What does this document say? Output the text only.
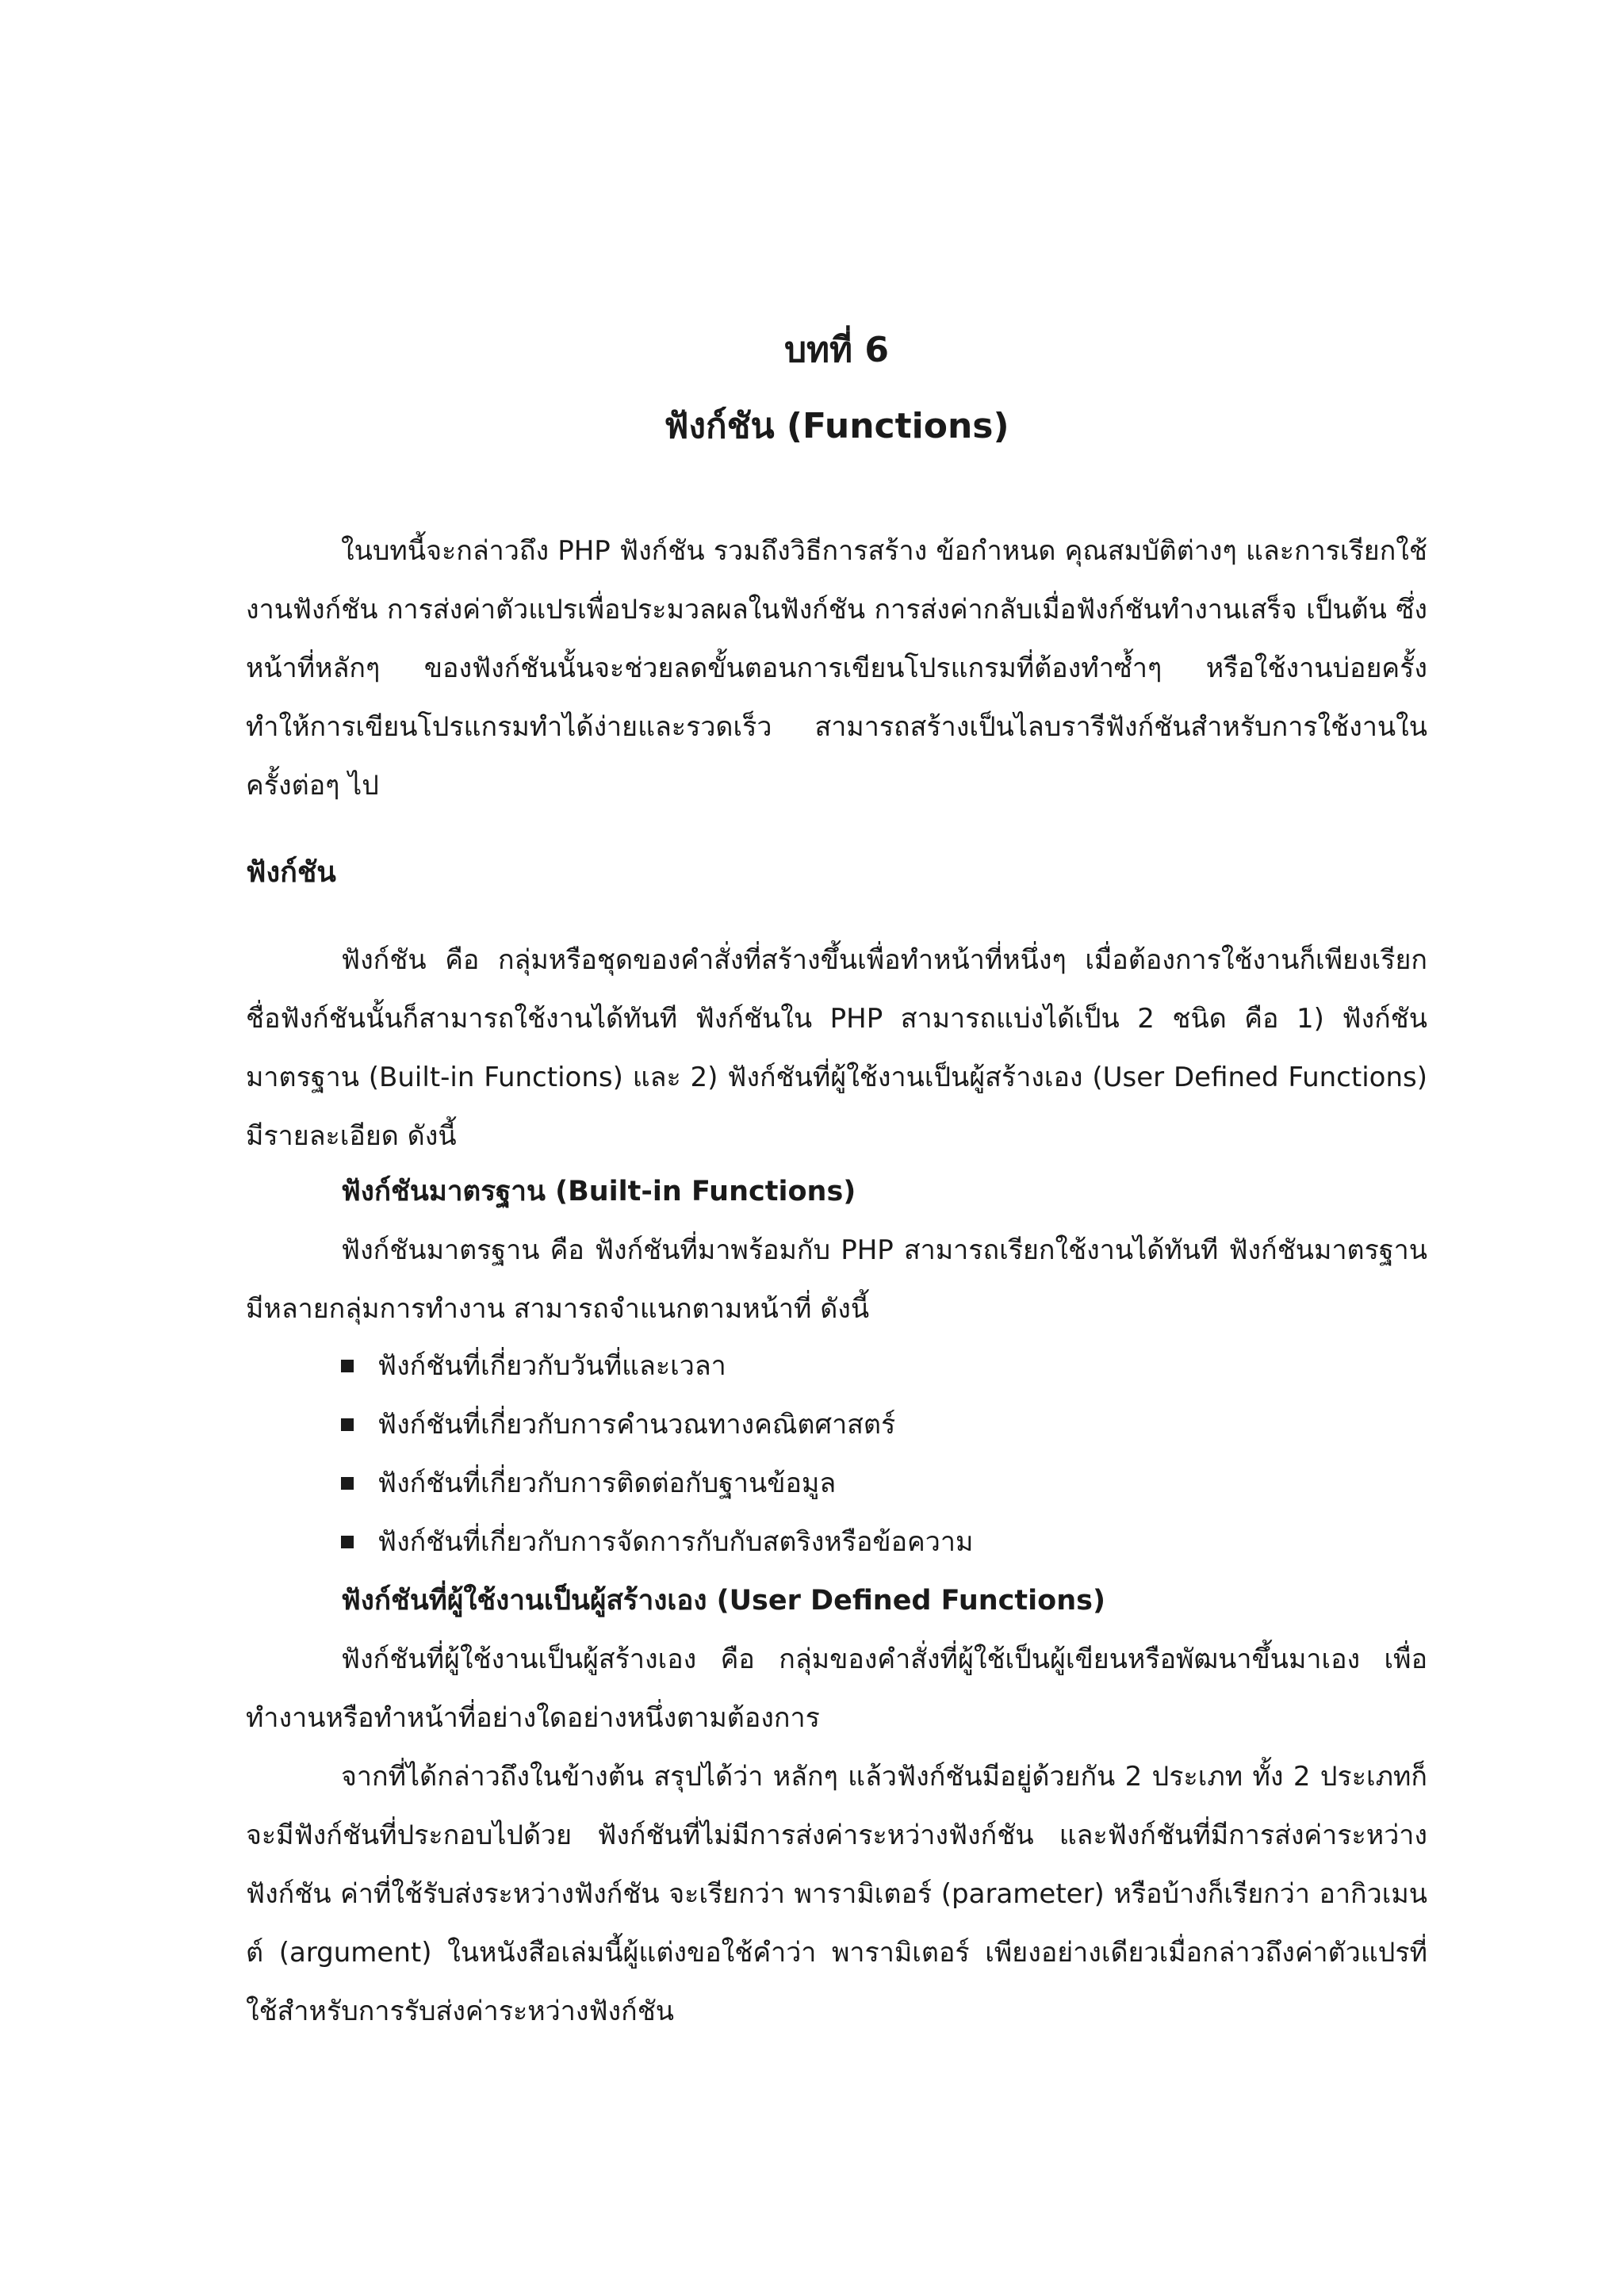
บทที่ 6
ฟังก์ชัน (Functions)

ในบทนี้จะกล่าวถึง PHP ฟังก์ชัน รวมถึงวิธีการสร้าง ข้อกำหนด คุณสมบัติต่างๆ และการเรียกใช้งานฟังก์ชัน การส่งค่าตัวแปรเพื่อประมวลผลในฟังก์ชัน การส่งค่ากลับเมื่อฟังก์ชันทำงานเสร็จ เป็นต้น ซึ่งหน้าที่หลักๆ ของฟังก์ชันนั้นจะช่วยลดขั้นตอนการเขียนโปรแกรมที่ต้องทำซ้ำๆ หรือใช้งานบ่อยครั้ง ทำให้การเขียนโปรแกรมทำได้ง่ายและรวดเร็ว สามารถสร้างเป็นไลบรารีฟังก์ชันสำหรับการใช้งานในครั้งต่อๆ ไป

ฟังก์ชัน

ฟังก์ชัน คือ กลุ่มหรือชุดของคำสั่งที่สร้างขึ้นเพื่อทำหน้าที่หนึ่งๆ เมื่อต้องการใช้งานก็เพียงเรียกชื่อฟังก์ชันนั้นก็สามารถใช้งานได้ทันที ฟังก์ชันใน PHP สามารถแบ่งได้เป็น 2 ชนิด คือ 1) ฟังก์ชันมาตรฐาน (Built-in Functions) และ 2) ฟังก์ชันที่ผู้ใช้งานเป็นผู้สร้างเอง (User Defined Functions) มีรายละเอียด ดังนี้

ฟังก์ชันมาตรฐาน (Built-in Functions)

ฟังก์ชันมาตรฐาน คือ ฟังก์ชันที่มาพร้อมกับ PHP สามารถเรียกใช้งานได้ทันที ฟังก์ชันมาตรฐานมีหลายกลุ่มการทำงาน สามารถจำแนกตามหน้าที่ ดังนี้

ฟังก์ชันที่เกี่ยวกับวันที่และเวลา
ฟังก์ชันที่เกี่ยวกับการคำนวณทางคณิตศาสตร์
ฟังก์ชันที่เกี่ยวกับการติดต่อกับฐานข้อมูล
ฟังก์ชันที่เกี่ยวกับการจัดการกับกับสตริงหรือข้อความ
ฟังก์ชันที่ผู้ใช้งานเป็นผู้สร้างเอง (User Defined Functions)

ฟังก์ชันที่ผู้ใช้งานเป็นผู้สร้างเอง คือ กลุ่มของคำสั่งที่ผู้ใช้เป็นผู้เขียนหรือพัฒนาขึ้นมาเอง เพื่อทำงานหรือทำหน้าที่อย่างใดอย่างหนึ่งตามต้องการ

จากที่ได้กล่าวถึงในข้างต้น สรุปได้ว่า หลักๆ แล้วฟังก์ชันมีอยู่ด้วยกัน 2 ประเภท ทั้ง 2 ประเภทก็จะมีฟังก์ชันที่ประกอบไปด้วย ฟังก์ชันที่ไม่มีการส่งค่าระหว่างฟังก์ชัน และฟังก์ชันที่มีการส่งค่าระหว่างฟังก์ชัน ค่าที่ใช้รับส่งระหว่างฟังก์ชัน จะเรียกว่า พารามิเตอร์ (parameter) หรือบ้างก็เรียกว่า อากิวเมนต์ (argument) ในหนังสือเล่มนี้ผู้แต่งขอใช้คำว่า พารามิเตอร์ เพียงอย่างเดียวเมื่อกล่าวถึงค่าตัวแปรที่ใช้สำหรับการรับส่งค่าระหว่างฟังก์ชัน
